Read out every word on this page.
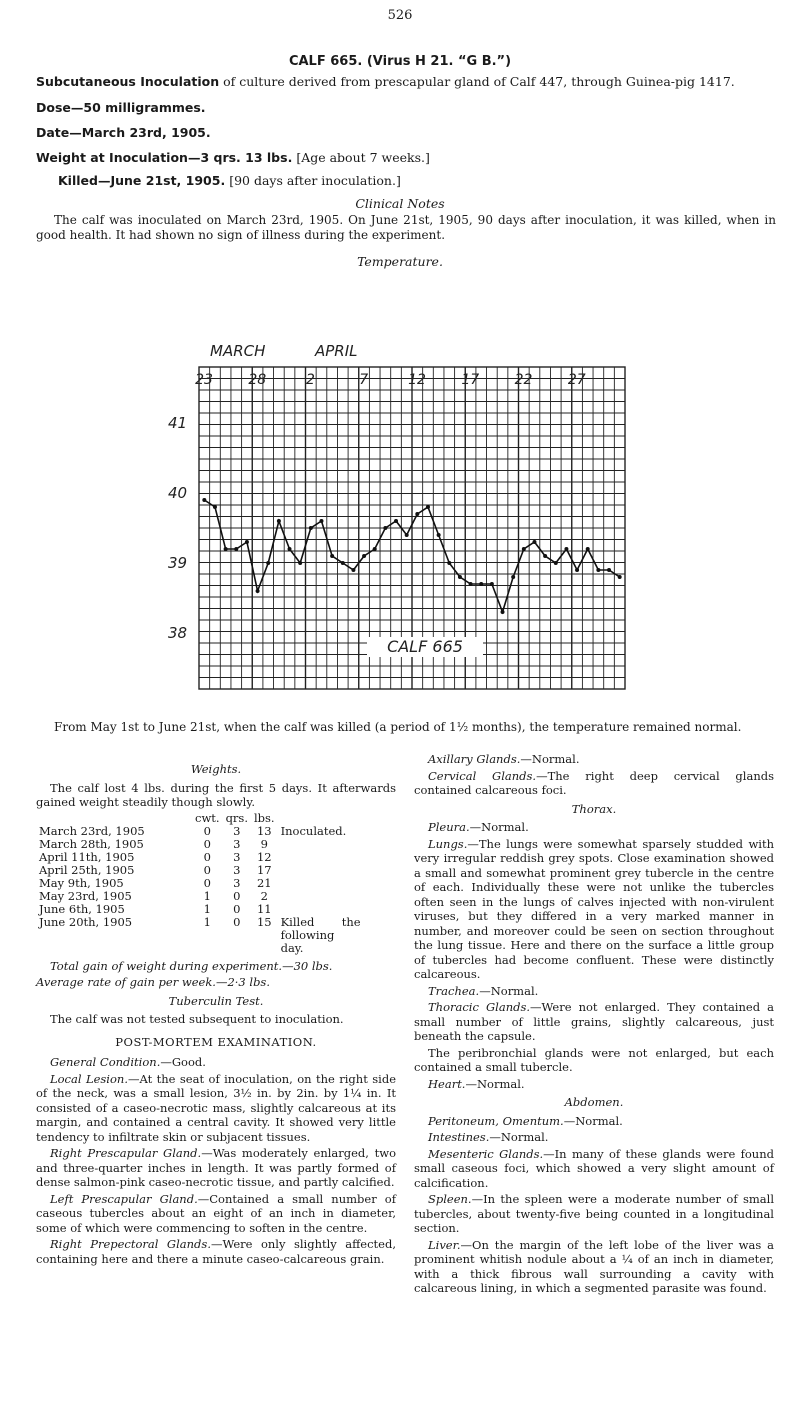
526
CALF 665. (Virus H 21. “G B.”)
Subcutaneous Inoculation of culture derived from prescapular gland of Calf 447, through Guinea-pig 1417.
Dose—50 milligrammes.
Date—March 23rd, 1905.
Weight at Inoculation—3 qrs. 13 lbs. [Age about 7 weeks.]
Killed—June 21st, 1905. [90 days after inoculation.]
Clinical Notes
The calf was inoculated on March 23rd, 1905. On June 21st, 1905, 90 days after inoculation, it was killed, when in good health. It had shown no sign of illness during the experiment.
Temperature.
MARCH	APRIL
23	28	2	7	12	17	22	27
41
40
39
38
CALF 665
From May 1st to June 21st, when the calf was killed (a period of 1½ months), the temperature remained normal.
Weights.

The calf lost 4 lbs. during the first 5 days. It afterwards gained weight steadily though slowly.

	cwt.	qrs.	lbs.	
March 23rd, 1905	0	3	13	Inoculated.
March 28th, 1905	0	3	9	
April 11th, 1905	0	3	12	
April 25th, 1905	0	3	17	
May 9th, 1905	0	3	21	
May 23rd, 1905	1	0	2	
June 6th, 1905	1	0	11	
June 20th, 1905	1	0	15	Killed the following day.

Total gain of weight during experiment.—30 lbs.

Average rate of gain per week.—2·3 lbs.

Tuberculin Test.

The calf was not tested subsequent to inoculation.

POST-MORTEM EXAMINATION.

General Condition.—Good.

Local Lesion.—At the seat of inoculation, on the right side of the neck, was a small lesion, 3½ in. by 2in. by 1¼ in. It consisted of a caseo-necrotic mass, slightly calcareous at its margin, and contained a central cavity. It showed very little tendency to infiltrate skin or subjacent tissues.

Right Prescapular Gland.—Was moderately enlarged, two and three-quarter inches in length. It was partly formed of dense salmon-pink caseo-necrotic tissue, and partly calcified.

Left Prescapular Gland.—Contained a small number of caseous tubercles about an eight of an inch in diameter, some of which were commencing to soften in the centre.

Right Prepectoral Glands.—Were only slightly affected, containing here and there a minute caseo-calcareous grain.

Axillary Glands.—Normal.

Cervical Glands.—The right deep cervical glands contained calcareous foci.

Thorax.

Pleura.—Normal.

Lungs.—The lungs were somewhat sparsely studded with very irregular reddish grey spots. Close examination showed a small and somewhat prominent grey tubercle in the centre of each. Individually these were not unlike the tubercles often seen in the lungs of calves injected with non-virulent viruses, but they differed in a very marked manner in number, and moreover could be seen on section throughout the lung tissue. Here and there on the surface a little group of tubercles had become confluent. These were distinctly calcareous.

Trachea.—Normal.

Thoracic Glands.—Were not enlarged. They contained a small number of little grains, slightly calcareous, just beneath the capsule.

The peribronchial glands were not enlarged, but each contained a small tubercle.

Heart.—Normal.

Abdomen.

Peritoneum, Omentum.—Normal.

Intestines.—Normal.

Mesenteric Glands.—In many of these glands were found small caseous foci, which showed a very slight amount of calcification.

Spleen.—In the spleen were a moderate number of small tubercles, about twenty-five being counted in a longitudinal section.

Liver.—On the margin of the left lobe of the liver was a prominent whitish nodule about a ¼ of an inch in diameter, with a thick fibrous wall surrounding a cavity with calcareous lining, in which a segmented parasite was found.
